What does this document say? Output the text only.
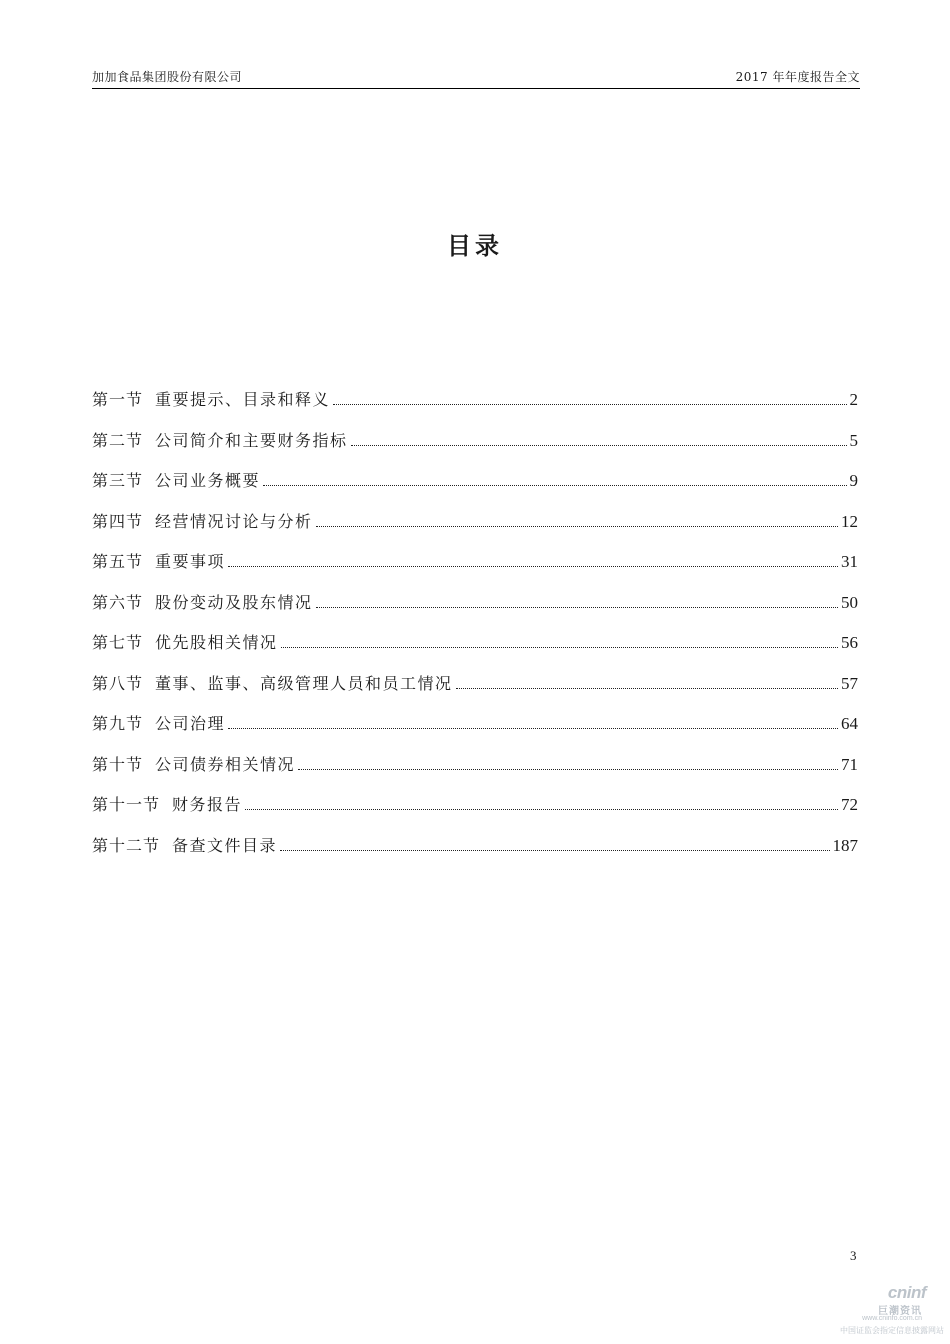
加加食品集团股份有限公司	2017 年年度报告全文
目录
第一节 重要提示、目录和释义	2
第二节 公司简介和主要财务指标	5
第三节 公司业务概要	9
第四节 经营情况讨论与分析	12
第五节 重要事项	31
第六节 股份变动及股东情况	50
第七节 优先股相关情况	56
第八节 董事、监事、高级管理人员和员工情况	57
第九节 公司治理	64
第十节 公司债券相关情况	71
第十一节 财务报告	72
第十二节 备查文件目录	187
3
cninf
巨潮资讯
www.cninfo.com.cn
中国证监会指定信息披露网站
